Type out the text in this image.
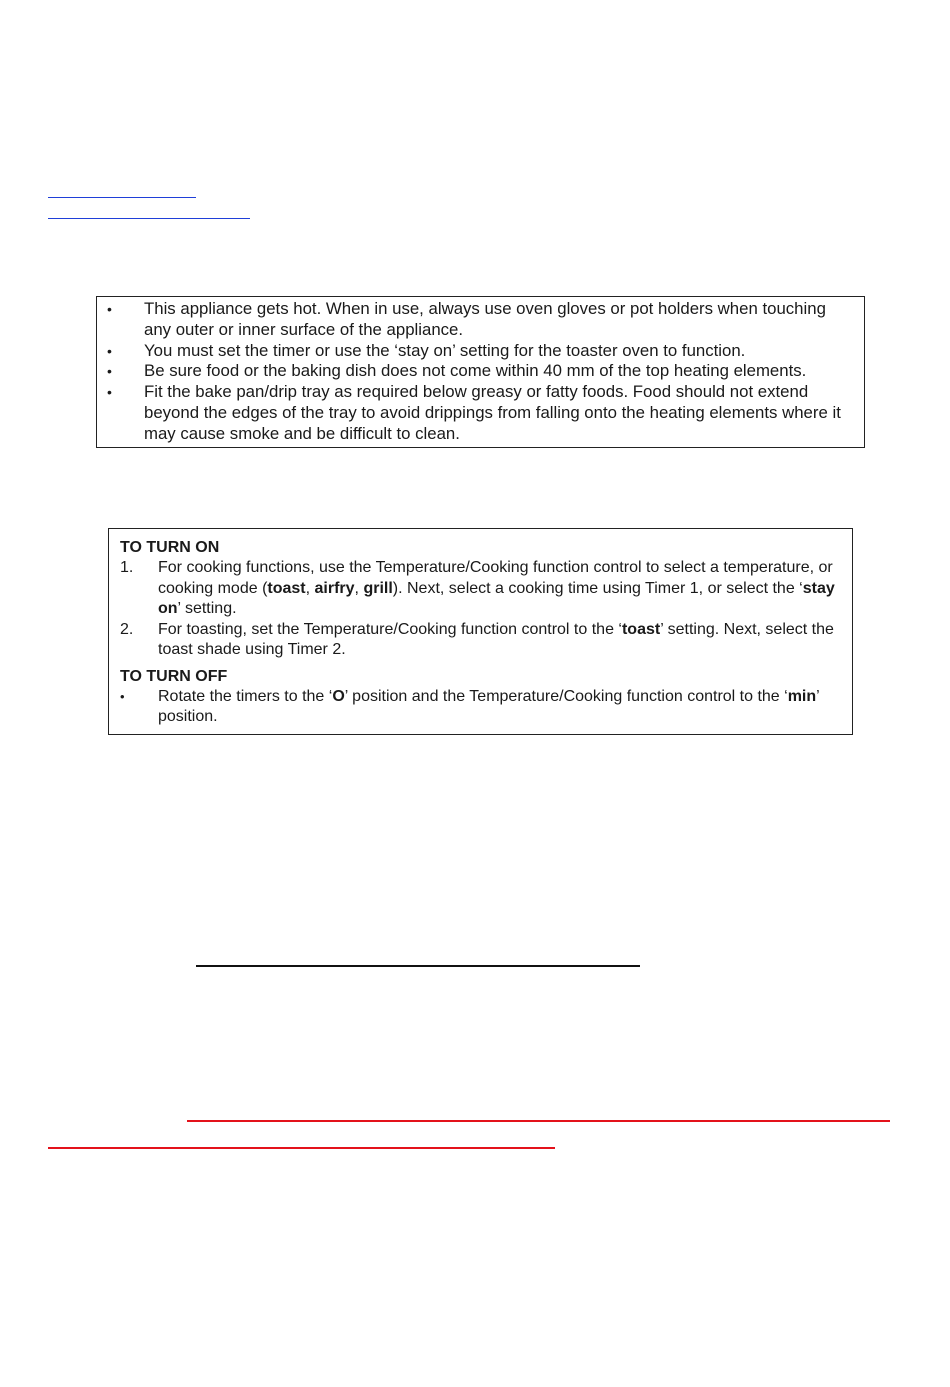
• This appliance gets hot. When in use, always use oven gloves or pot holders when touching any outer or inner surface of the appliance.
• You must set the timer or use the ‘stay on’ setting for the toaster oven to function.
• Be sure food or the baking dish does not come within 40 mm of the top heating elements.
• Fit the bake pan/drip tray as required below greasy or fatty foods. Food should not extend beyond the edges of the tray to avoid drippings from falling onto the heating elements where it may cause smoke and be difficult to clean.
TO TURN ON
1. For cooking functions, use the Temperature/Cooking function control to select a temperature, or cooking mode (toast, airfry, grill). Next, select a cooking time using Timer 1, or select the ‘stay on’ setting.
2. For toasting, set the Temperature/Cooking function control to the ‘toast’ setting. Next, select the toast shade using Timer 2.
TO TURN OFF
• Rotate the timers to the ‘O’ position and the Temperature/Cooking function control to the ‘min’ position.
